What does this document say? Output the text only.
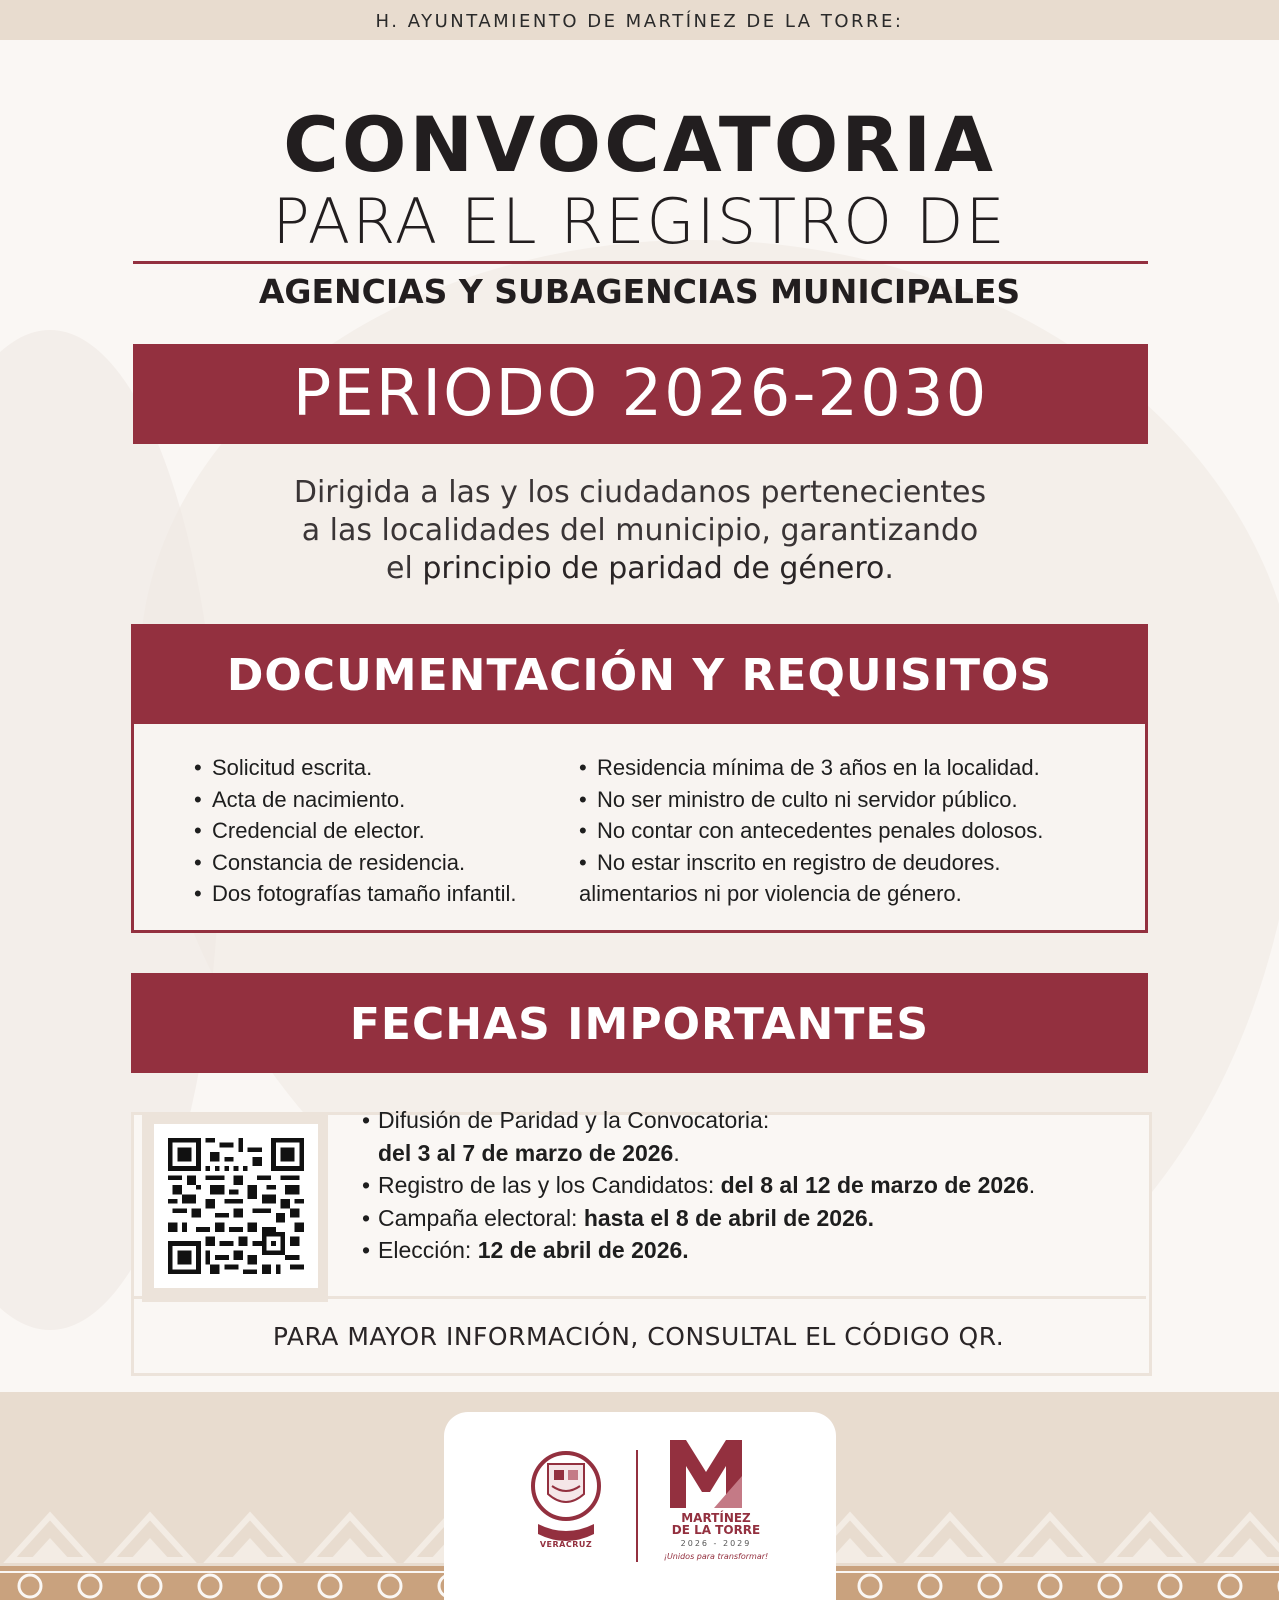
H. AYUNTAMIENTO DE MARTÍNEZ DE LA TORRE:
CONVOCATORIA
PARA EL REGISTRO DE
AGENCIAS Y SUBAGENCIAS MUNICIPALES
PERIODO 2026-2030
Dirigida a las y los ciudadanos pertenecientes
a las localidades del municipio, garantizando
el principio de paridad de género.
DOCUMENTACIÓN Y REQUISITOS
• Solicitud escrita.
• Acta de nacimiento.
• Credencial de elector.
• Constancia de residencia.
• Dos fotografías tamaño infantil.
• Residencia mínima de 3 años en la localidad.
• No ser ministro de culto ni servidor público.
• No contar con antecedentes penales dolosos.
• No estar inscrito en registro de deudores.
alimentarios ni por violencia de género.
FECHAS IMPORTANTES
• Difusión de Paridad y la Convocatoria:
del 3 al 7 de marzo de 2026.
• Registro de las y los Candidatos: del 8 al 12 de marzo de 2026.
• Campaña electoral: hasta el 8 de abril de 2026.
• Elección: 12 de abril de 2026.
PARA MAYOR INFORMACIÓN, CONSULTAL EL CÓDIGO QR.
VERACRUZ
MARTÍNEZ
DE LA TORRE
2026 - 2029
¡Unidos para transformar!
